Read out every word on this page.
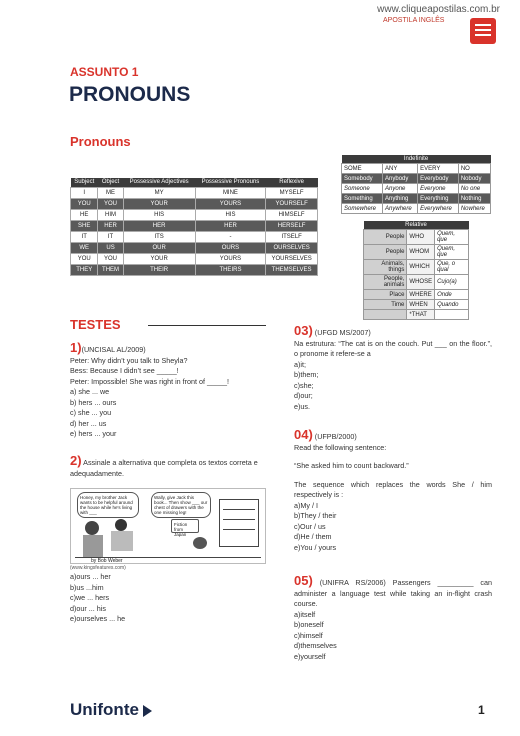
www.cliqueapostilas.com.br
APOSTILA INGLÊS
ASSUNTO 1
PRONOUNS
Pronouns
Subject	Object	Possessive Adjectives	Possessive Pronouns	Reflexive
I	ME	MY	MINE	MYSELF
YOU	YOU	YOUR	YOURS	YOURSELF
HE	HIM	HIS	HIS	HIMSELF
SHE	HER	HER	HER	HERSELF
IT	IT	ITS	-	ITSELF
WE	US	OUR	OURS	OURSELVES
YOU	YOU	YOUR	YOURS	YOURSELVES
THEY	THEM	THEIR	THEIRS	THEMSELVES
Indefinite			
SOME	ANY	EVERY	NO
Somebody	Anybody	Everybody	Nobody
Someone	Anyone	Everyone	No one
Something	Anything	Everything	Nothing
Somewhere	Anywhere	Everywhere	Nowhere
Relative		
People	WHO	Quem, que
People	WHOM	Quem, que
Animals, things	WHICH	Que, o qual
People, animals	WHOSE	Cujo(a)
Place	WHERE	Onde
Time	WHEN	Quando
	*THAT	
TESTES

1)(UNCISAL AL/2009)

Peter: Why didn’t you talk to Sheyla?

Bess: Because I didn’t see _____!

Peter: Impossible! She was right in front of _____!

a) she ... we

b) hers ... ours

c) she ... you

d) her ... us

e) hers ... your

2) Assinale a alternativa que completa os textos correta e adequadamente.

Honey, my brother Jack wants to be helpful around the house while he's living with ___
Wally, give Jack this book... Then show ___ our chest of drawers with the one missing leg!
Fiction from Japan
by Bob Weber
(www.kingsfeatures.com)

a)ours ... her

b)us ...him

c)we ... hers

d)our ... his

e)ourselves ... he

03) (UFGD MS/2007)

Na estrutura: “The cat is on the couch. Put ___ on the floor.”, o pronome it refere-se a

a)it;

b)them;

c)she;

d)our;

e)us.

04) (UFPB/2000)

Read the following sentence:

“She asked him to count backward.”

The sequence which replaces the words She / him respectively is :

a)My / I

b)They / their

c)Our / us

d)He / them

e)You / yours

05) (UNIFRA RS/2006) Passengers _________ can administer a language test while taking an in-flight crash course.

a)itself

b)oneself

c)himself

d)themselves

e)yourself

Unifonte	1
